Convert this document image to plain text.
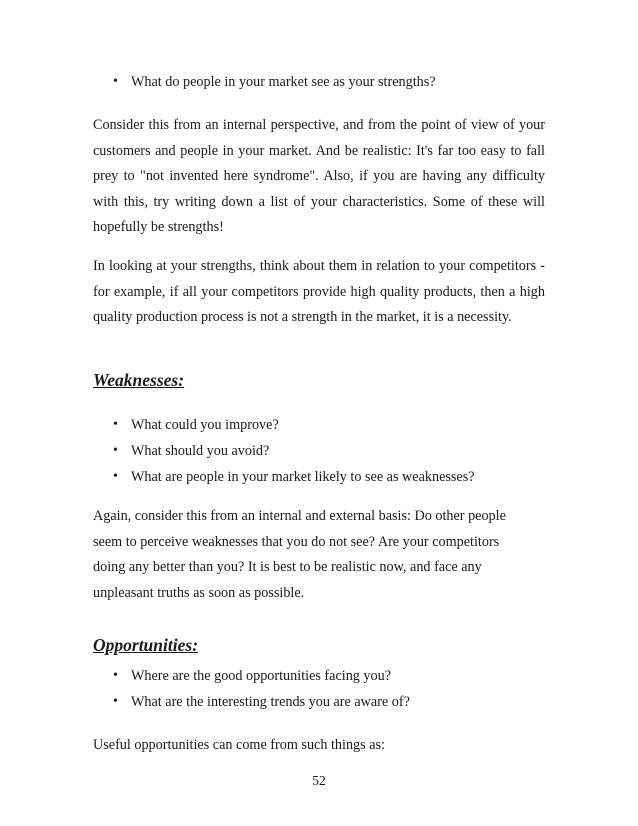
• What do people in your market see as your strengths?

Consider this from an internal perspective, and from the point of view of your customers and people in your market. And be realistic: It's far too easy to fall prey to "not invented here syndrome". Also, if you are having any difficulty with this, try writing down a list of your characteristics. Some of these will hopefully be strengths!

In looking at your strengths, think about them in relation to your competitors - for example, if all your competitors provide high quality products, then a high quality production process is not a strength in the market, it is a necessity.

Weaknesses:
• What could you improve?
• What should you avoid?
• What are people in your market likely to see as weaknesses?

Again, consider this from an internal and external basis: Do other people seem to perceive weaknesses that you do not see? Are your competitors doing any better than you? It is best to be realistic now, and face any unpleasant truths as soon as possible.

Opportunities:
• Where are the good opportunities facing you?
• What are the interesting trends you are aware of?

Useful opportunities can come from such things as:

52
